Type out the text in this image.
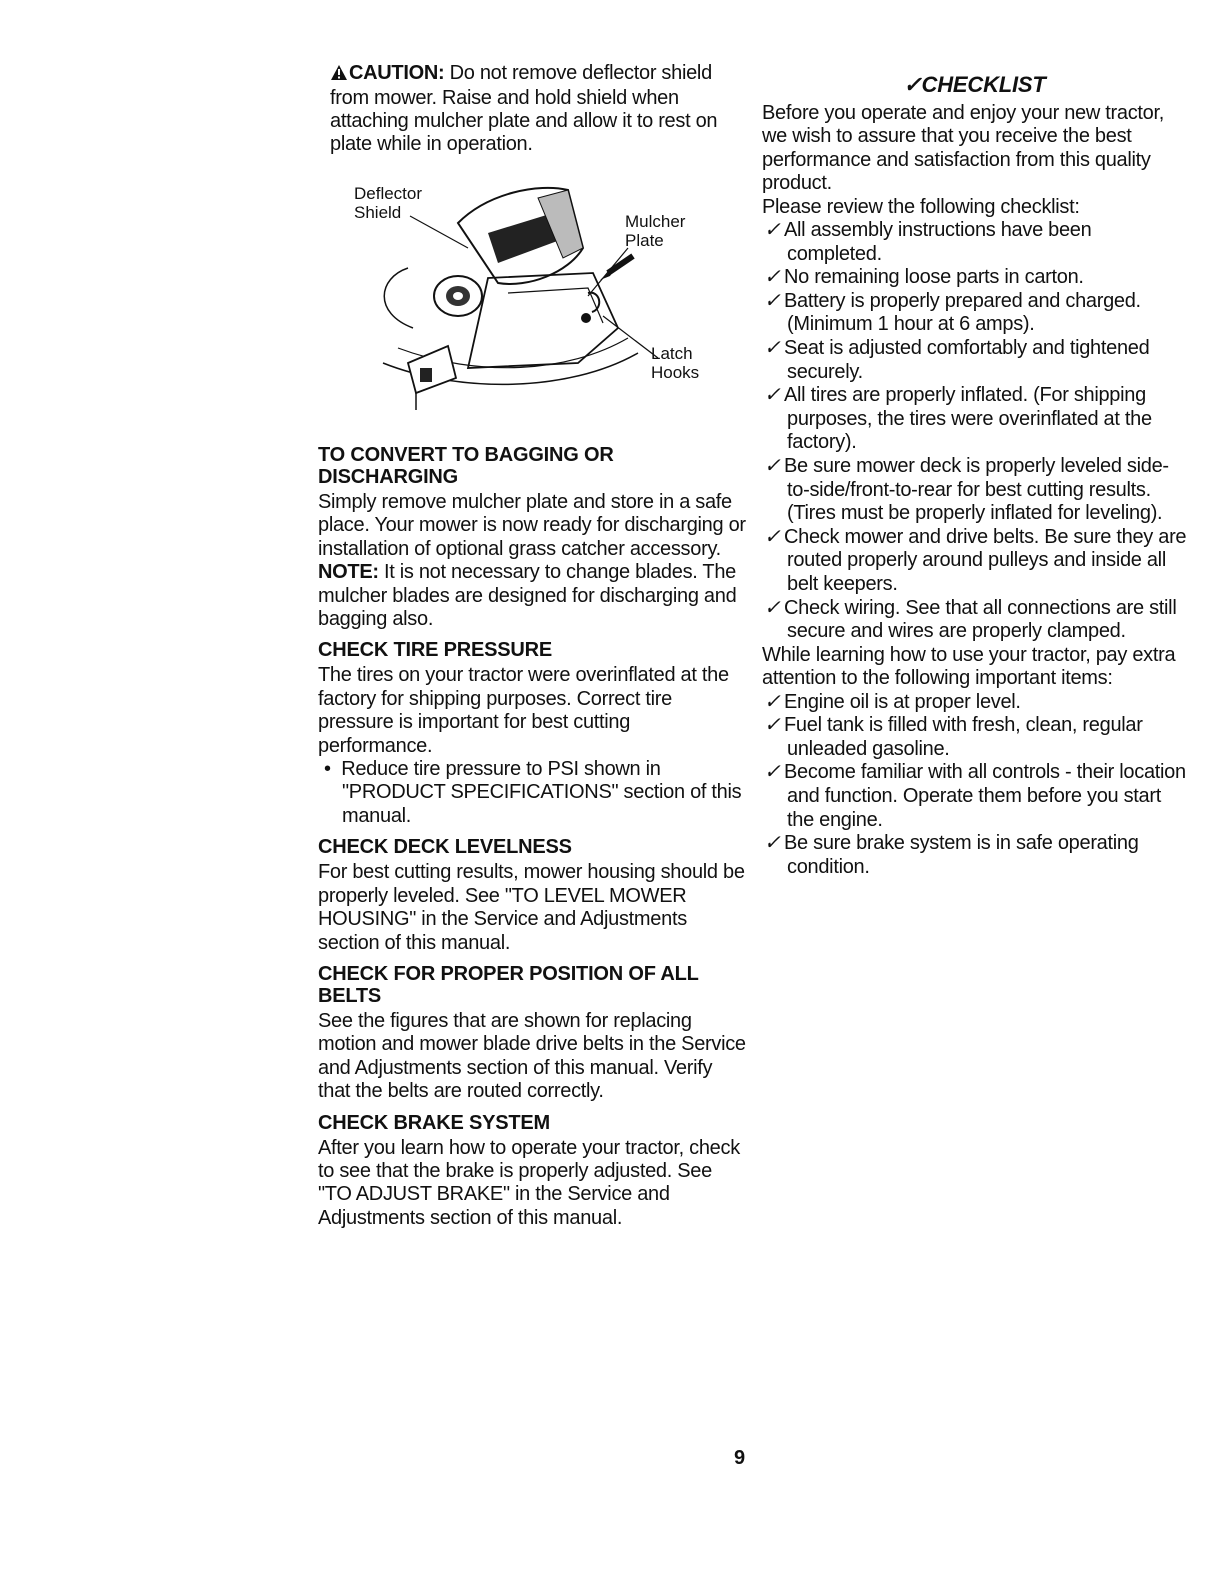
CAUTION: Do not remove deflector shield from mower. Raise and hold shield when attaching mulcher plate and allow it to rest on plate while in operation.

Deflector
Shield	Mulcher
Plate
Latch
Hooks
TO CONVERT TO BAGGING OR DISCHARGING

Simply remove mulcher plate and store in a safe place. Your mower is now ready for discharging or installation of optional grass catcher accessory.

NOTE: It is not necessary to change blades. The mulcher blades are designed for discharging and bagging also.

CHECK TIRE PRESSURE

The tires on your tractor were overinflated at the factory for shipping purposes. Correct tire pressure is important for best cutting performance.

•  Reduce tire pressure to PSI shown in "PRODUCT SPECIFICATIONS" section of this manual.

CHECK DECK LEVELNESS

For best cutting results, mower housing should be properly leveled. See "TO LEVEL MOWER HOUSING" in the Service and Adjustments section of this manual.

CHECK FOR PROPER POSITION OF ALL BELTS

See the figures that are shown for replacing motion and mower blade drive belts in the Service and Adjustments section of this manual. Verify that the belts are routed correctly.

CHECK BRAKE SYSTEM

After you learn how to operate your tractor, check to see that the brake is properly adjusted. See "TO ADJUST BRAKE" in the Service and Adjustments section of this manual.

✓CHECKLIST

Before you operate and enjoy your new tractor, we wish to assure that you receive the best performance and satisfaction from this quality product.

Please review the following checklist:

✓ All assembly instructions have been completed.
✓ No remaining loose parts in carton.
✓ Battery is properly prepared and charged.(Minimum 1 hour at 6 amps).
✓ Seat is adjusted comfortably and tightened securely.
✓ All tires are properly inflated. (For shipping purposes, the tires were overinflated at the factory).
✓ Be sure mower deck is properly leveled side-to-side/front-to-rear for best cutting results. (Tires must be properly inflated for leveling).
✓ Check mower and drive belts. Be sure they are routed properly around pulleys and inside all belt keepers.
✓ Check wiring. See that all connections are still secure and wires are properly clamped.

While learning how to use your tractor, pay extra attention to the following important items:

✓ Engine oil is at proper level.
✓ Fuel tank is filled with fresh, clean, regular unleaded gasoline.
✓ Become familiar with all controls - their location and function. Operate them before you start the engine.
✓ Be sure brake system is in safe operating condition.
9
